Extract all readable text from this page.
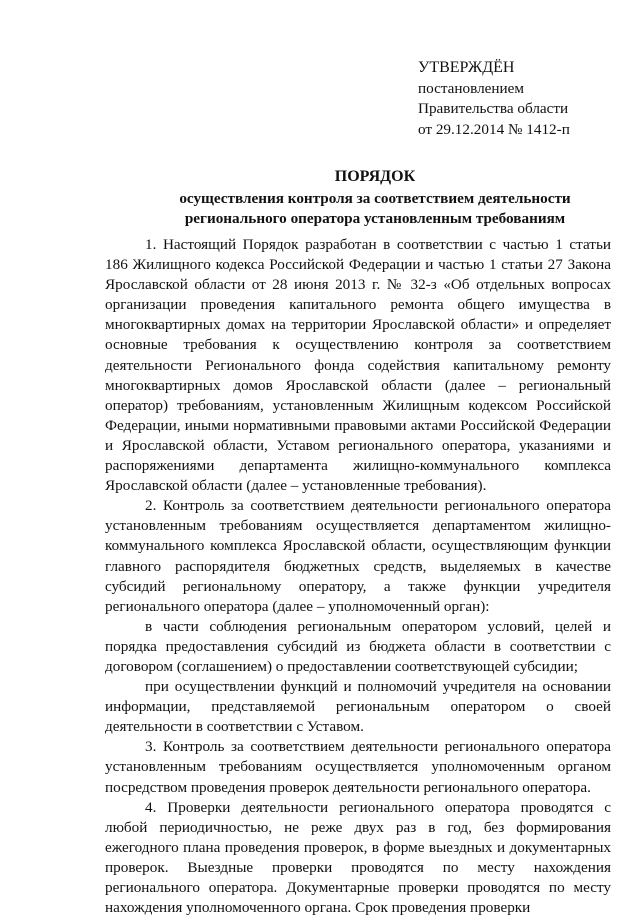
УТВЕРЖДЁН
постановлением
Правительства области
от 29.12.2014 № 1412-п
ПОРЯДОК
осуществления контроля за соответствием деятельности
регионального оператора установленным требованиям

1. Настоящий Порядок разработан в соответствии с частью 1 статьи 186 Жилищного кодекса Российской Федерации и частью 1 статьи 27 Закона Ярославской области от 28 июня 2013 г. № 32-з «Об отдельных вопросах организации проведения капитального ремонта общего имущества в многоквартирных домах на территории Ярославской области» и определяет основные требования к осуществлению контроля за соответствием деятельности Регионального фонда содействия капитальному ремонту многоквартирных домов Ярославской области (далее – региональный оператор) требованиям, установленным Жилищным кодексом Российской Федерации, иными нормативными правовыми актами Российской Федерации и Ярославской области, Уставом регионального оператора, указаниями и распоряжениями департамента жилищно-коммунального комплекса Ярославской области (далее – установленные требования).

2. Контроль за соответствием деятельности регионального оператора установленным требованиям осуществляется департаментом жилищно-коммунального комплекса Ярославской области, осуществляющим функции главного распорядителя бюджетных средств, выделяемых в качестве субсидий региональному оператору, а также функции учредителя регионального оператора (далее – уполномоченный орган):

в части соблюдения региональным оператором условий, целей и порядка предоставления субсидий из бюджета области в соответствии с договором (соглашением) о предоставлении соответствующей субсидии;

при осуществлении функций и полномочий учредителя на основании информации, представляемой региональным оператором о своей деятельности в соответствии с Уставом.

3. Контроль за соответствием деятельности регионального оператора установленным требованиям осуществляется уполномоченным органом посредством проведения проверок деятельности регионального оператора.

4. Проверки деятельности регионального оператора проводятся с любой периодичностью, не реже двух раз в год, без формирования ежегодного плана проведения проверок, в форме выездных и документарных проверок. Выездные проверки проводятся по месту нахождения регионального оператора. Документарные проверки проводятся по месту нахождения уполномоченного органа. Срок проведения проверки
